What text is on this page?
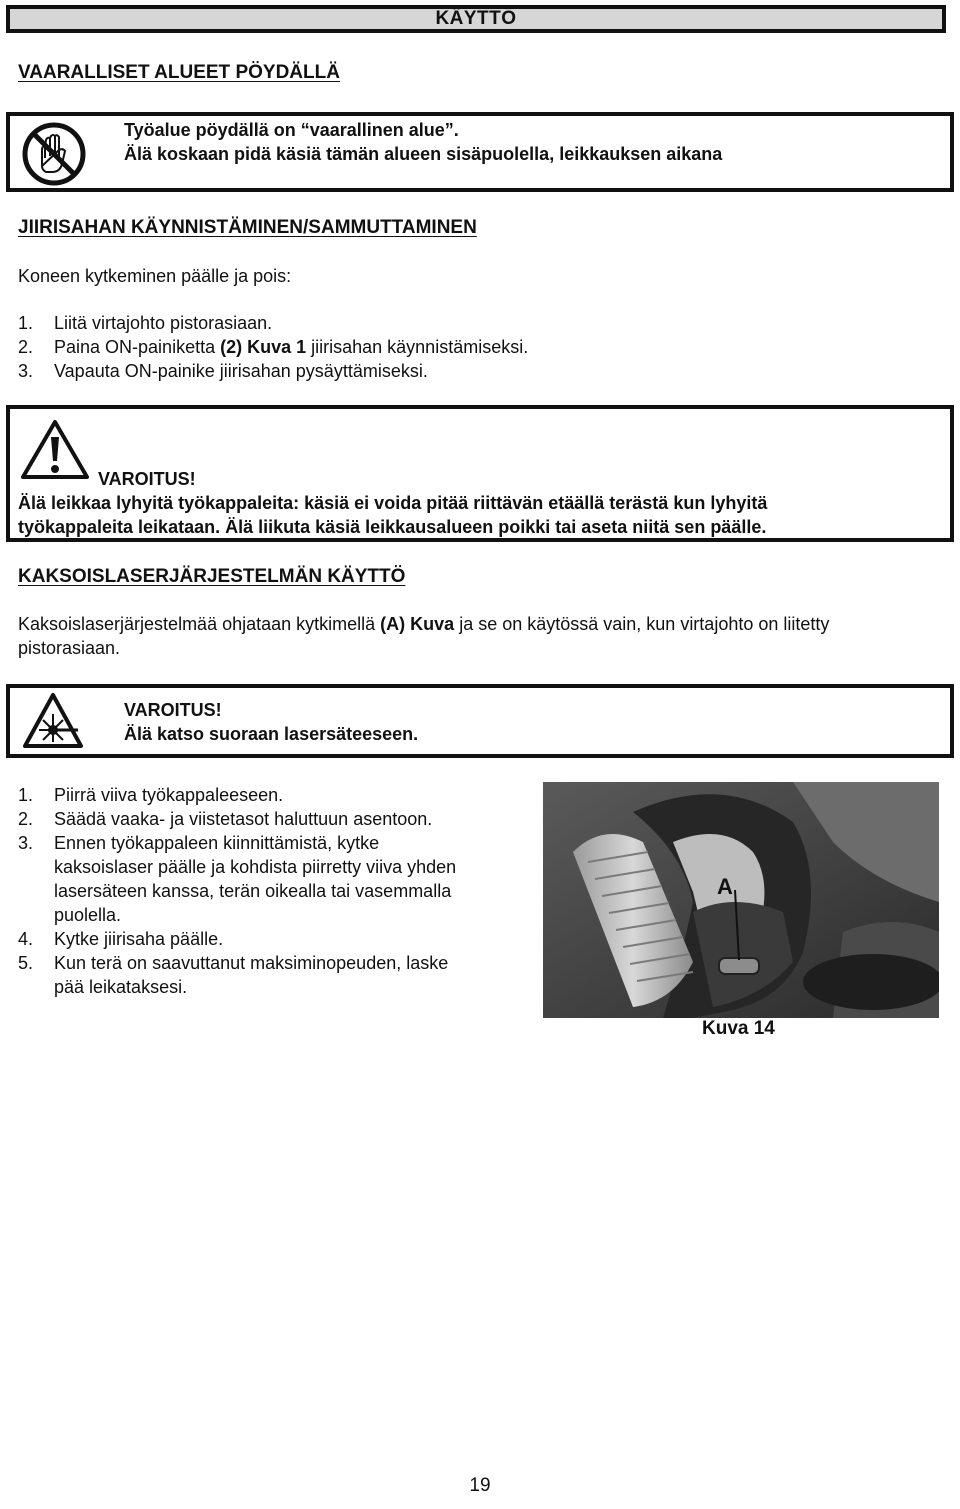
KÄYTTÖ
VAARALLISET ALUEET PÖYDÄLLÄ
Työalue pöydällä on “vaarallinen alue”.
Älä koskaan pidä käsiä tämän alueen sisäpuolella, leikkauksen aikana
JIIRISAHAN KÄYNNISTÄMINEN/SAMMUTTAMINEN
Koneen kytkeminen päälle ja pois:
1.	Liitä virtajohto pistorasiaan.
2.	Paina ON-painiketta (2) Kuva 1 jiirisahan käynnistämiseksi.
3.	Vapauta ON-painike jiirisahan pysäyttämiseksi.
VAROITUS!
Älä leikkaa lyhyitä työkappaleita: käsiä ei voida pitää riittävän etäällä terästä kun lyhyitä
työkappaleita leikataan. Älä liikuta käsiä leikkausalueen poikki tai aseta niitä sen päälle.
KAKSOISLASERJÄRJESTELMÄN KÄYTTÖ
Kaksoislaserjärjestelmää ohjataan kytkimellä (A) Kuva ja se on käytössä vain, kun virtajohto on liitetty
pistorasiaan.
VAROITUS!
Älä katso suoraan lasersäteeseen.
1.	Piirrä viiva työkappaleeseen.
2.	Säädä vaaka- ja viistetasot haluttuun asentoon.
3.	Ennen työkappaleen kiinnittämistä, kytke
kaksoislaser päälle ja kohdista piirretty viiva yhden
lasersäteen kanssa, terän oikealla tai vasemmalla
puolella.
4.	Kytke jiirisaha päälle.
5.	Kun terä on saavuttanut maksiminopeuden, laske
pää leikataksesi.
A
Kuva 14
19
